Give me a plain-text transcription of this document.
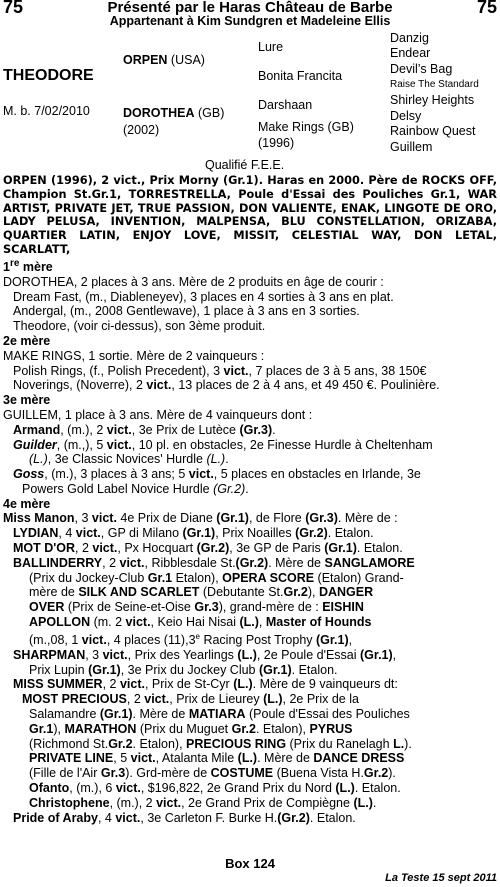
75	Présenté par le Haras Château de Barbe
Appartenant à Kim Sundgren et Madeleine Ellis
75
THEODORE
M. b. 7/02/2010
ORPEN (USA)
DOROTHEA (GB)
(2002)
Lure
Bonita Francita
Darshaan
Make Rings (GB)
(1996)
Danzig
Endear
Devil’s Bag
Raise The Standard
Shirley Heights
Delsy
Rainbow Quest
Guillem
Qualifié F.E.E.

ORPEN (1996), 2 vict., Prix Morny (Gr.1). Haras en 2000. Père de ROCKS OFF, Champion St.Gr.1, TORRESTRELLA, Poule d'Essai des Pouliches Gr.1, WAR ARTIST, PRIVATE JET, TRUE PASSION, DON VALIENTE, ENAK, LINGOTE DE ORO, LADY PELUSA, INVENTION, MALPENSA, BLU CONSTELLATION, ORIZABA, QUARTIER LATIN, ENJOY LOVE, MISSIT, CELESTIAL WAY, DON LETAL, SCARLATT,

1re mère

DOROTHEA, 2 places à 3 ans. Mère de 2 produits en âge de courir :

Dream Fast, (m., Diableneyev), 3 places en 4 sorties à 3 ans en plat.

Andergal, (m., 2008 Gentlewave), 1 place à 3 ans en 3 sorties.

Theodore, (voir ci-dessus), son 3ème produit.

2e mère

MAKE RINGS, 1 sortie. Mère de 2 vainqueurs :

Polish Rings, (f., Polish Precedent), 3 vict., 7 places de 3 à 5 ans, 38 150€

Noverings, (Noverre), 2 vict., 13 places de 2 à 4 ans, et 49 450 €. Poulinière.

3e mère

GUILLEM, 1 place à 3 ans. Mère de 4 vainqueurs dont :

Armand, (m.), 2 vict., 3e Prix de Lutèce (Gr.3).

Guilder, (m.,), 5 vict., 10 pl. en obstacles, 2e Finesse Hurdle à Cheltenham

(L.), 3e Classic Novices' Hurdle (L.).

Goss, (m.), 3 places à 3 ans; 5 vict., 5 places en obstacles en Irlande, 3e

Powers Gold Label Novice Hurdle (Gr.2).

4e mère

Miss Manon, 3 vict. 4e Prix de Diane (Gr.1), de Flore (Gr.3). Mère de :

LYDIAN, 4 vict., GP di Milano (Gr.1), Prix Noailles (Gr.2). Etalon.

MOT D'OR, 2 vict., Px Hocquart (Gr.2), 3e GP de Paris (Gr.1). Etalon.

BALLINDERRY, 2 vict., Ribblesdale St.(Gr.2). Mère de SANGLAMORE

(Prix du Jockey-Club Gr.1 Etalon), OPERA SCORE (Etalon) Grand-

mère de SILK AND SCARLET (Debutante St.Gr.2), DANGER

OVER (Prix de Seine-et-Oise Gr.3), grand-mère de : EISHIN

APOLLON (m. 2 vict., Keio Hai Nisai (L.), Master of Hounds

(m.,08, 1 vict., 4 places (11),3e Racing Post Trophy (Gr.1),

SHARPMAN, 3 vict., Prix des Yearlings (L.), 2e Poule d'Essai (Gr.1),

Prix Lupin (Gr.1), 3e Prix du Jockey Club (Gr.1). Etalon.

MISS SUMMER, 2 vict., Prix de St-Cyr (L.). Mère de 9 vainqueurs dt:

MOST PRECIOUS, 2 vict., Prix de Lieurey (L.), 2e Prix de la

Salamandre (Gr.1). Mère de MATIARA (Poule d'Essai des Pouliches

Gr.1), MARATHON (Prix du Muguet Gr.2. Etalon), PYRUS

(Richmond St.Gr.2. Etalon), PRECIOUS RING (Prix du Ranelagh L.).

PRIVATE LINE, 5 vict., Atalanta Mile (L.). Mère de DANCE DRESS

(Fille de l'Air Gr.3). Grd-mère de COSTUME (Buena Vista H.Gr.2).

Ofanto, (m.), 6 vict., $196,822, 2e Grand Prix du Nord (L.). Etalon.

Christophene, (m.), 2 vict., 2e Grand Prix de Compiègne (L.).

Pride of Araby, 4 vict., 3e Carleton F. Burke H.(Gr.2). Etalon.

Box 124
La Teste 15 sept 2011
